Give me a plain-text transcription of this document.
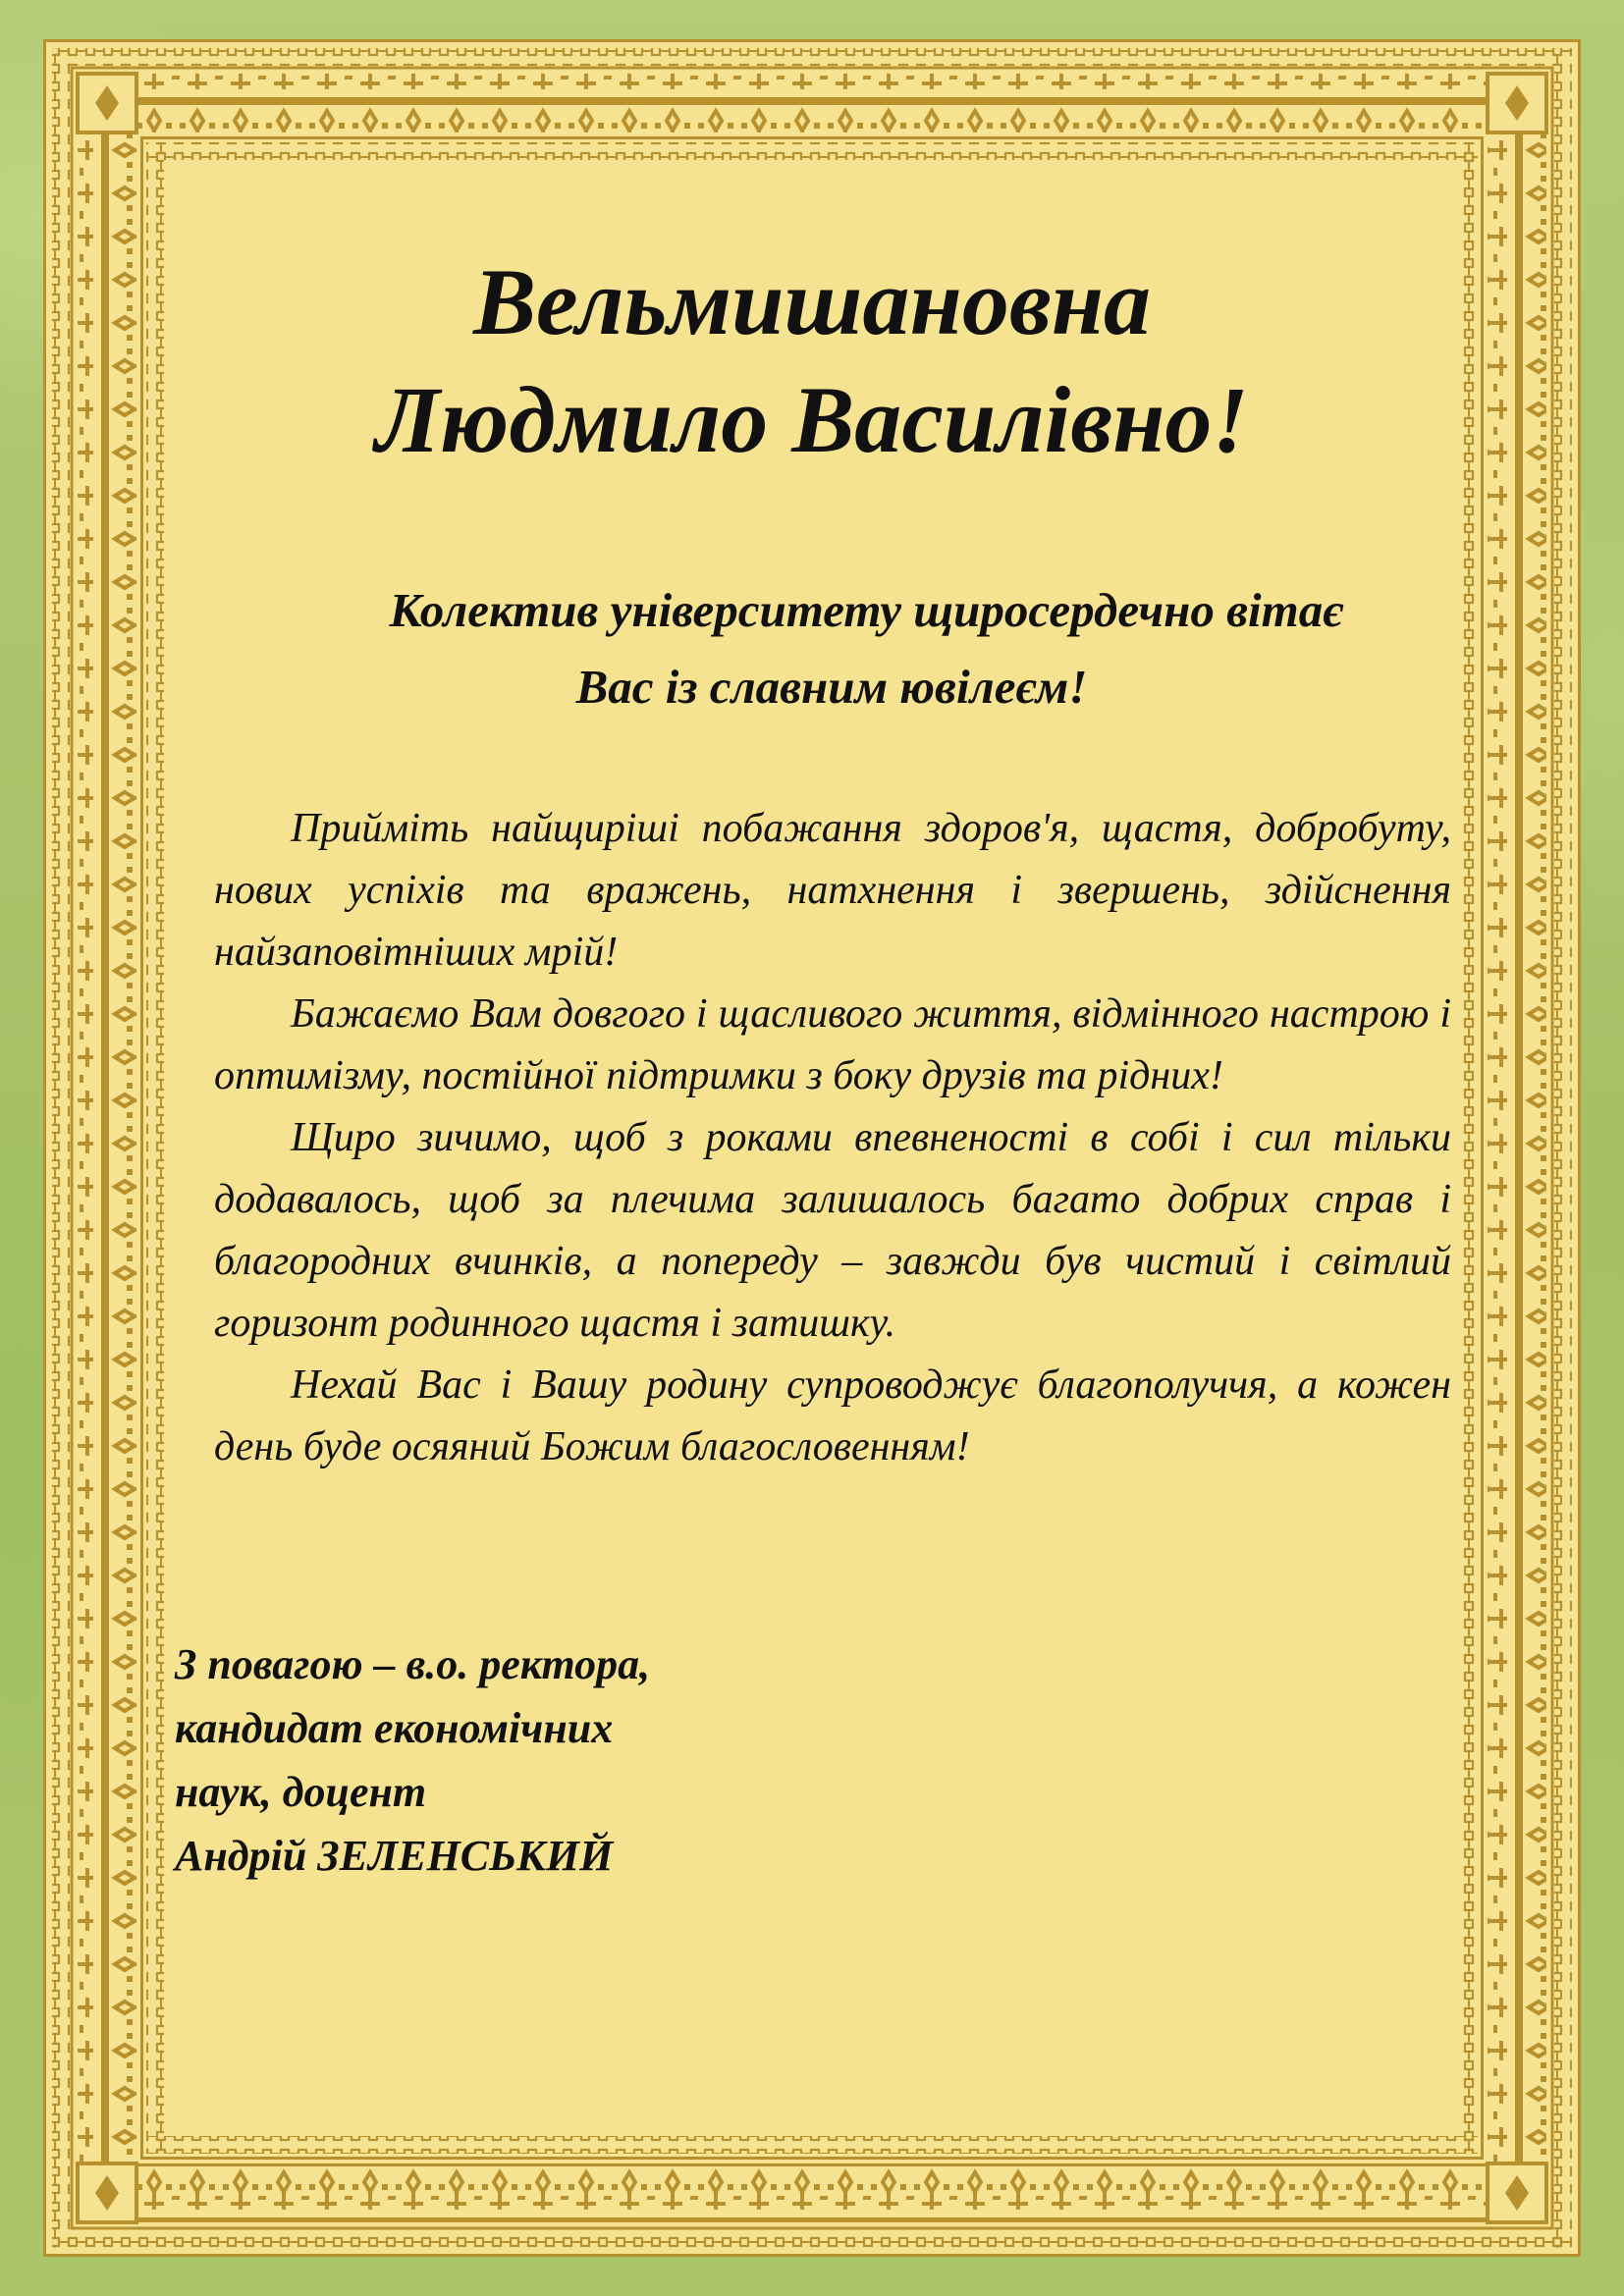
Вельмишановна
Людмило Василівно!
Колектив університету щиросердечно вітає
Вас із славним ювілеєм!

Прийміть найщиріші побажання здоров'я, щастя, добробуту, нових успіхів та вражень, натхнення і звершень, здійснення найзаповітніших мрій!

Бажаємо Вам довгого і щасливого життя, відмінного настрою і оптимізму, постійної підтримки з боку друзів та рідних!

Щиро зичимо, щоб з роками впевненості в собі і сил тільки додавалось, щоб за плечима залишалось багато добрих справ і благородних вчинків, а попереду – завжди був чистий і світлий горизонт родинного щастя і затишку.

Нехай Вас і Вашу родину супроводжує благополуччя, а кожен день буде осяяний Божим благословенням!

З повагою – в.о. ректора,
кандидат економічних
наук, доцент
Андрій ЗЕЛЕНСЬКИЙ
